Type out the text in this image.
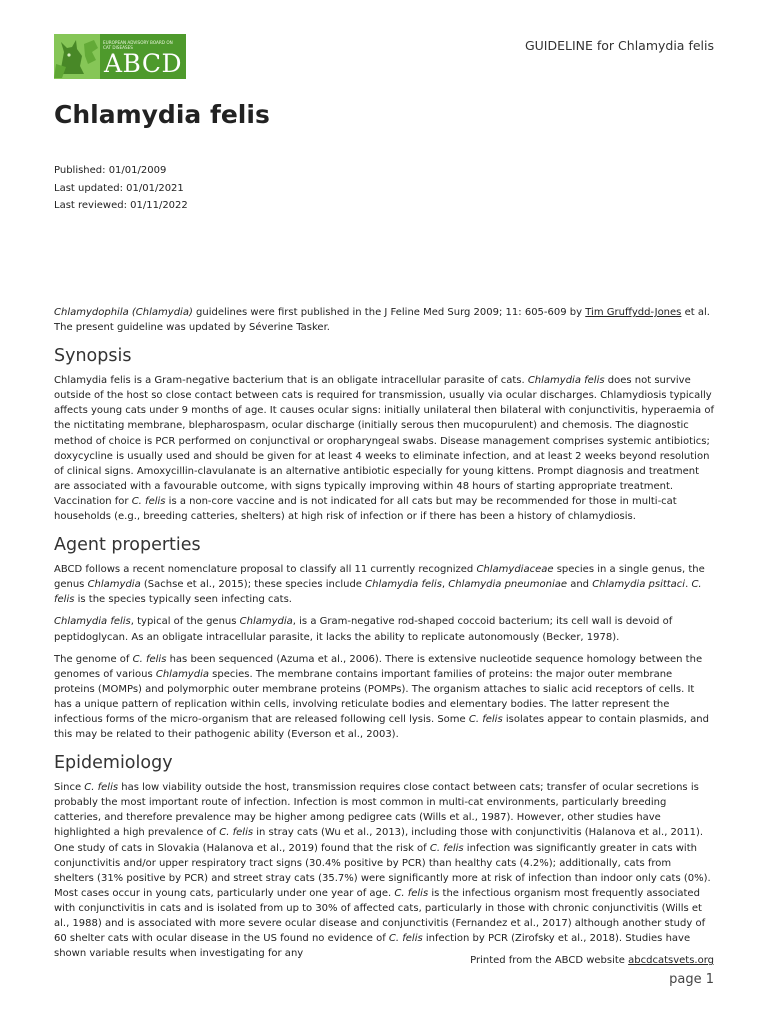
EUROPEAN ADVISORY BOARD ON CAT DISEASES
ABCD
GUIDELINE for Chlamydia felis
Chlamydia felis
Published: 01/01/2009
Last updated: 01/01/2021
Last reviewed: 01/11/2022

Chlamydophila (Chlamydia) guidelines were first published in the J Feline Med Surg 2009; 11: 605-609 by Tim Gruffydd-Jones et al. The present guideline was updated by Séverine Tasker.

Synopsis

Chlamydia felis is a Gram-negative bacterium that is an obligate intracellular parasite of cats. Chlamydia felis does not survive outside of the host so close contact between cats is required for transmission, usually via ocular discharges. Chlamydiosis typically affects young cats under 9 months of age. It causes ocular signs: initially unilateral then bilateral with conjunctivitis, hyperaemia of the nictitating membrane, blepharospasm, ocular discharge (initially serous then mucopurulent) and chemosis. The diagnostic method of choice is PCR performed on conjunctival or oropharyngeal swabs. Disease management comprises systemic antibiotics; doxycycline is usually used and should be given for at least 4 weeks to eliminate infection, and at least 2 weeks beyond resolution of clinical signs. Amoxycillin-clavulanate is an alternative antibiotic especially for young kittens. Prompt diagnosis and treatment are associated with a favourable outcome, with signs typically improving within 48 hours of starting appropriate treatment. Vaccination for C. felis is a non-core vaccine and is not indicated for all cats but may be recommended for those in multi-cat households (e.g., breeding catteries, shelters) at high risk of infection or if there has been a history of chlamydiosis.

Agent properties

ABCD follows a recent nomenclature proposal to classify all 11 currently recognized Chlamydiaceae species in a single genus, the genus Chlamydia (Sachse et al., 2015); these species include Chlamydia felis, Chlamydia pneumoniae and Chlamydia psittaci. C. felis is the species typically seen infecting cats.

Chlamydia felis, typical of the genus Chlamydia, is a Gram-negative rod-shaped coccoid bacterium; its cell wall is devoid of peptidoglycan. As an obligate intracellular parasite, it lacks the ability to replicate autonomously (Becker, 1978).

The genome of C. felis has been sequenced (Azuma et al., 2006). There is extensive nucleotide sequence homology between the genomes of various Chlamydia species. The membrane contains important families of proteins: the major outer membrane proteins (MOMPs) and polymorphic outer membrane proteins (POMPs). The organism attaches to sialic acid receptors of cells. It has a unique pattern of replication within cells, involving reticulate bodies and elementary bodies. The latter represent the infectious forms of the micro-organism that are released following cell lysis. Some C. felis isolates appear to contain plasmids, and this may be related to their pathogenic ability (Everson et al., 2003).

Epidemiology

Since C. felis has low viability outside the host, transmission requires close contact between cats; transfer of ocular secretions is probably the most important route of infection. Infection is most common in multi-cat environments, particularly breeding catteries, and therefore prevalence may be higher among pedigree cats (Wills et al., 1987). However, other studies have highlighted a high prevalence of C. felis in stray cats (Wu et al., 2013), including those with conjunctivitis (Halanova et al., 2011). One study of cats in Slovakia (Halanova et al., 2019) found that the risk of C. felis infection was significantly greater in cats with conjunctivitis and/or upper respiratory tract signs (30.4% positive by PCR) than healthy cats (4.2%); additionally, cats from shelters (31% positive by PCR) and street stray cats (35.7%) were significantly more at risk of infection than indoor only cats (0%). Most cases occur in young cats, particularly under one year of age. C. felis is the infectious organism most frequently associated with conjunctivitis in cats and is isolated from up to 30% of affected cats, particularly in those with chronic conjunctivitis (Wills et al., 1988) and is associated with more severe ocular disease and conjunctivitis (Fernandez et al., 2017) although another study of 60 shelter cats with ocular disease in the US found no evidence of C. felis infection by PCR (Zirofsky et al., 2018). Studies have shown variable results when investigating for any

Printed from the ABCD website abcdcatsvets.org
page 1
